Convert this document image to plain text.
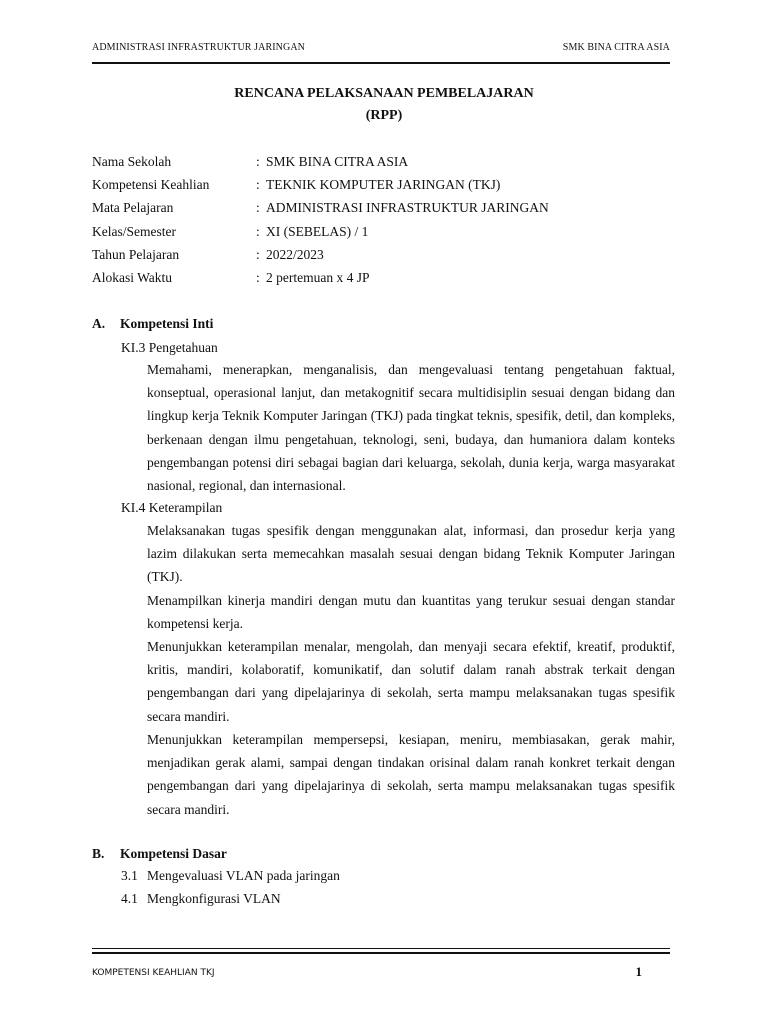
ADMINISTRASI INFRASTRUKTUR JARINGAN	SMK BINA CITRA ASIA
RENCANA PELAKSANAAN PEMBELAJARAN
(RPP)
Nama Sekolah	: SMK BINA CITRA ASIA
Kompetensi Keahlian	: TEKNIK KOMPUTER JARINGAN (TKJ)
Mata Pelajaran	: ADMINISTRASI INFRASTRUKTUR JARINGAN
Kelas/Semester	: XI (SEBELAS) / 1
Tahun Pelajaran	: 2022/2023
Alokasi Waktu	: 2 pertemuan x 4 JP
A. Kompetensi Inti
KI.3 Pengetahuan
Memahami, menerapkan, menganalisis, dan mengevaluasi tentang pengetahuan faktual, konseptual, operasional lanjut, dan metakognitif secara multidisiplin sesuai dengan bidang dan lingkup kerja Teknik Komputer Jaringan (TKJ) pada tingkat teknis, spesifik, detil, dan kompleks, berkenaan dengan ilmu pengetahuan, teknologi, seni, budaya, dan humaniora dalam konteks pengembangan potensi diri sebagai bagian dari keluarga, sekolah, dunia kerja, warga masyarakat nasional, regional, dan internasional.
KI.4 Keterampilan
Melaksanakan tugas spesifik dengan menggunakan alat, informasi, dan prosedur kerja yang lazim dilakukan serta memecahkan masalah sesuai dengan bidang Teknik Komputer Jaringan (TKJ).
Menampilkan kinerja mandiri dengan mutu dan kuantitas yang terukur sesuai dengan standar kompetensi kerja.
Menunjukkan keterampilan menalar, mengolah, dan menyaji secara efektif, kreatif, produktif, kritis, mandiri, kolaboratif, komunikatif, dan solutif dalam ranah abstrak terkait dengan pengembangan dari yang dipelajarinya di sekolah, serta mampu melaksanakan tugas spesifik secara mandiri.
Menunjukkan keterampilan mempersepsi, kesiapan, meniru, membiasakan, gerak mahir, menjadikan gerak alami, sampai dengan tindakan orisinal dalam ranah konkret terkait dengan pengembangan dari yang dipelajarinya di sekolah, serta mampu melaksanakan tugas spesifik secara mandiri.
B. Kompetensi Dasar
3.1 Mengevaluasi VLAN pada jaringan
4.1 Mengkonfigurasi VLAN
KOMPETENSI KEAHLIAN TKJ	1
